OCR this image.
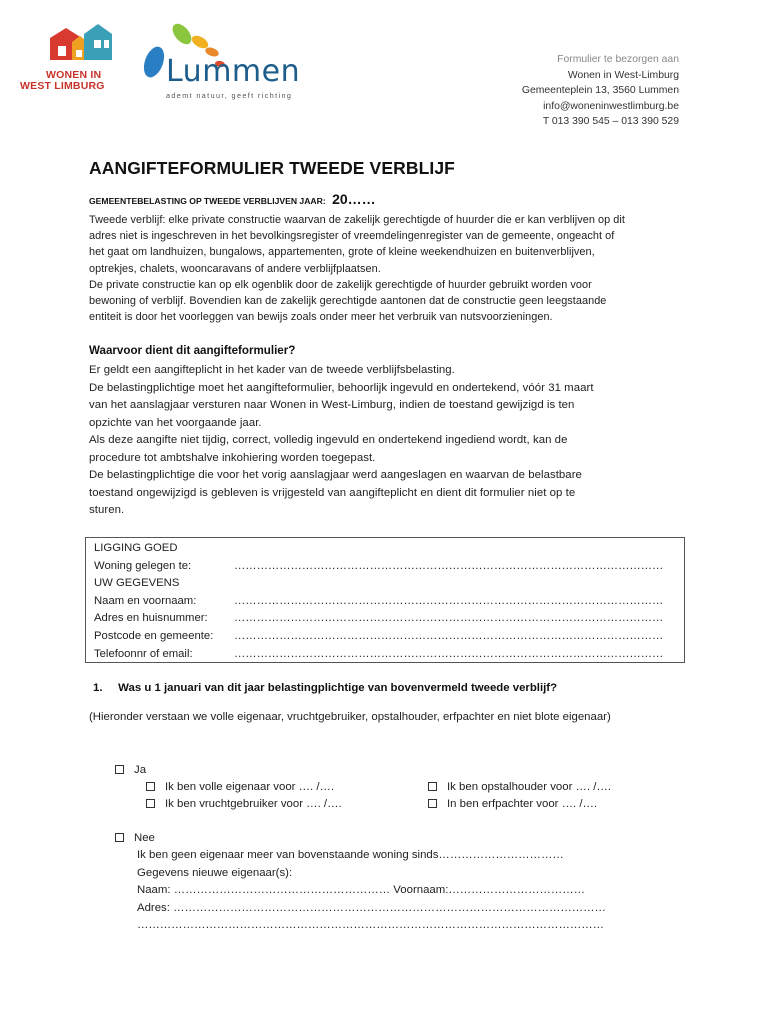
WONEN IN
WEST LIMBURG Lummen
ademt natuur, geeft richting
Formulier te bezorgen aan
Wonen in West-Limburg
Gemeenteplein 13, 3560 Lummen
info@woneninwestlimburg.be
T 013 390 545 – 013 390 529
AANGIFTEFORMULIER TWEEDE VERBLIJF
GEMEENTEBELASTING OP TWEEDE VERBLIJVEN JAAR: 20……

Tweede verblijf: elke private constructie waarvan de zakelijk gerechtigde of huurder die er kan verblijven op dit

adres niet is ingeschreven in het bevolkingsregister of vreemdelingenregister van de gemeente, ongeacht of

het gaat om landhuizen, bungalows, appartementen, grote of kleine weekendhuizen en buitenverblijven,

optrekjes, chalets, wooncaravans of andere verblijfplaatsen.

De private constructie kan op elk ogenblik door de zakelijk gerechtigde of huurder gebruikt worden voor

bewoning of verblijf. Bovendien kan de zakelijk gerechtigde aantonen dat de constructie geen leegstaande

entiteit is door het voorleggen van bewijs zoals onder meer het verbruik van nutsvoorzieningen.

Waarvoor dient dit aangifteformulier?

Er geldt een aangifteplicht in het kader van de tweede verblijfsbelasting.

De belastingplichtige moet het aangifteformulier, behoorlijk ingevuld en ondertekend, vóór 31 maart

van het aanslagjaar versturen naar Wonen in West-Limburg, indien de toestand gewijzigd is ten

opzichte van het voorgaande jaar.

Als deze aangifte niet tijdig, correct, volledig ingevuld en ondertekend ingediend wordt, kan de

procedure tot ambtshalve inkohiering worden toegepast.

De belastingplichtige die voor het vorig aanslagjaar werd aangeslagen en waarvan de belastbare

toestand ongewijzigd is gebleven is vrijgesteld van aangifteplicht en dient dit formulier niet op te

sturen.

LIGGING GOED
Woning gelegen te:	……………………………………………………………………………………………………
UW GEGEVENS
Naam en voornaam:	……………………………………………………………………………………………………
Adres en huisnummer: ……………………………………………………………………………………………………
Postcode en gemeente: ……………………………………………………………………………………………………
Telefoonnr of email:	……………………………………………………………………………………………………
1. Was u 1 januari van dit jaar belastingplichtige van bovenvermeld tweede verblijf?
(Hieronder verstaan we volle eigenaar, vruchtgebruiker, opstalhouder, erfpachter en niet blote eigenaar)
Ja
Ik ben volle eigenaar voor …. /….
Ik ben vruchtgebruiker voor …. /….
Ik ben opstalhouder voor …. /….
In ben erfpachter voor …. /….
Nee
Ik ben geen eigenaar meer van bovenstaande woning sinds……………………………
Gegevens nieuwe eigenaar(s):
Naam: ………………………………………………… Voornaam:………………………………
Adres: ……………………………………………………………………………………………………
……………………………………………………………………………………………………………
